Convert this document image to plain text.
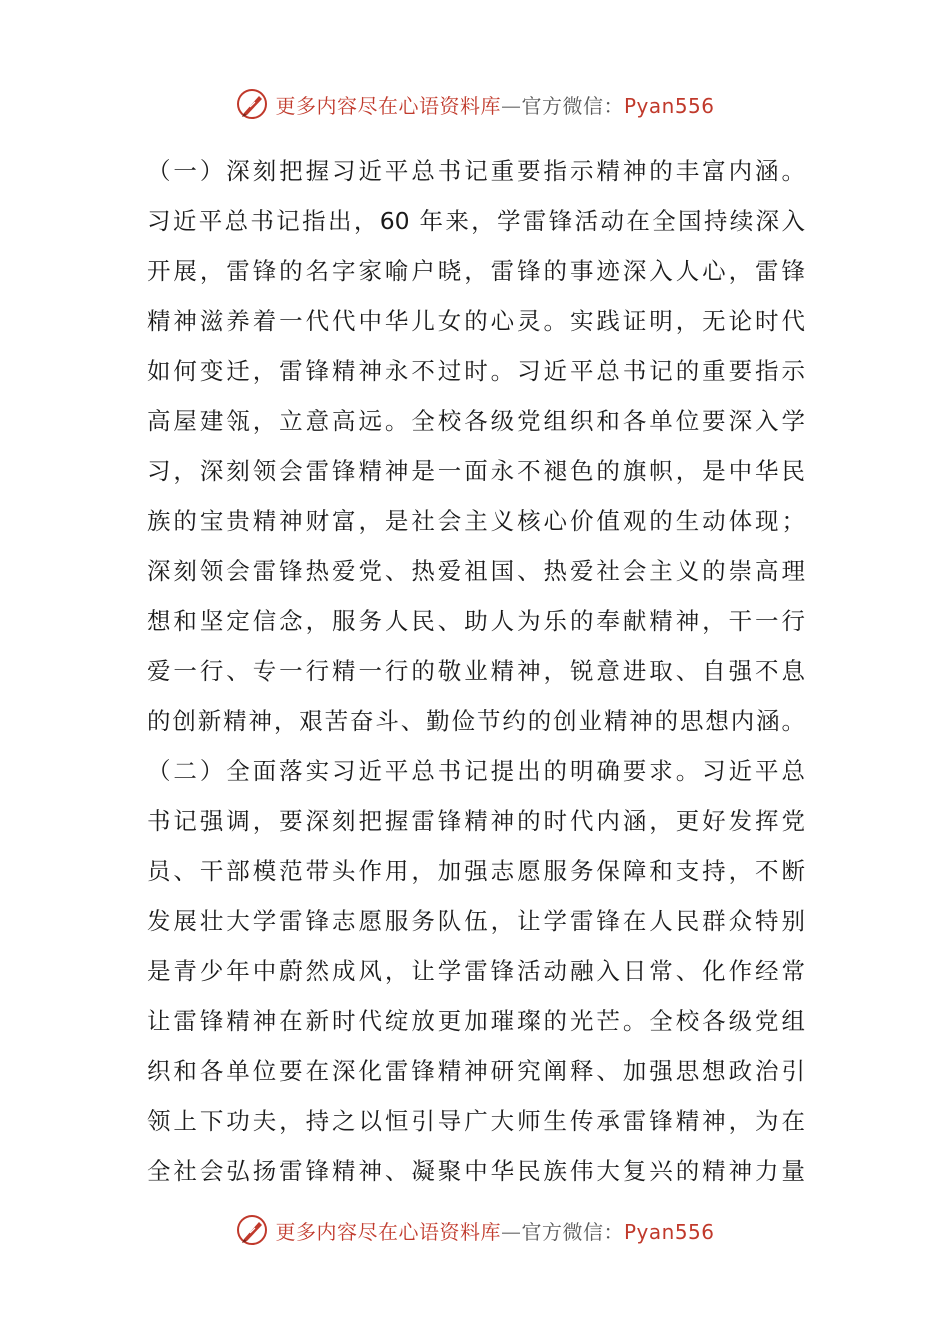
更多内容尽在心语资料库—官方微信：Pyan556
（一）深刻把握习近平总书记重要指示精神的丰富内涵。
习近平总书记指出，60 年来，学雷锋活动在全国持续深入
开展，雷锋的名字家喻户晓，雷锋的事迹深入人心，雷锋
精神滋养着一代代中华儿女的心灵。实践证明，无论时代
如何变迁，雷锋精神永不过时。习近平总书记的重要指示
高屋建瓴，立意高远。全校各级党组织和各单位要深入学
习，深刻领会雷锋精神是一面永不褪色的旗帜，是中华民
族的宝贵精神财富，是社会主义核心价值观的生动体现；
深刻领会雷锋热爱党、热爱祖国、热爱社会主义的崇高理
想和坚定信念，服务人民、助人为乐的奉献精神，干一行
爱一行、专一行精一行的敬业精神，锐意进取、自强不息
的创新精神，艰苦奋斗、勤俭节约的创业精神的思想内涵。
（二）全面落实习近平总书记提出的明确要求。习近平总
书记强调，要深刻把握雷锋精神的时代内涵，更好发挥党
员、干部模范带头作用，加强志愿服务保障和支持，不断
发展壮大学雷锋志愿服务队伍，让学雷锋在人民群众特别
是青少年中蔚然成风，让学雷锋活动融入日常、化作经常
让雷锋精神在新时代绽放更加璀璨的光芒。全校各级党组
织和各单位要在深化雷锋精神研究阐释、加强思想政治引
领上下功夫，持之以恒引导广大师生传承雷锋精神，为在
全社会弘扬雷锋精神、凝聚中华民族伟大复兴的精神力量
更多内容尽在心语资料库—官方微信：Pyan556
